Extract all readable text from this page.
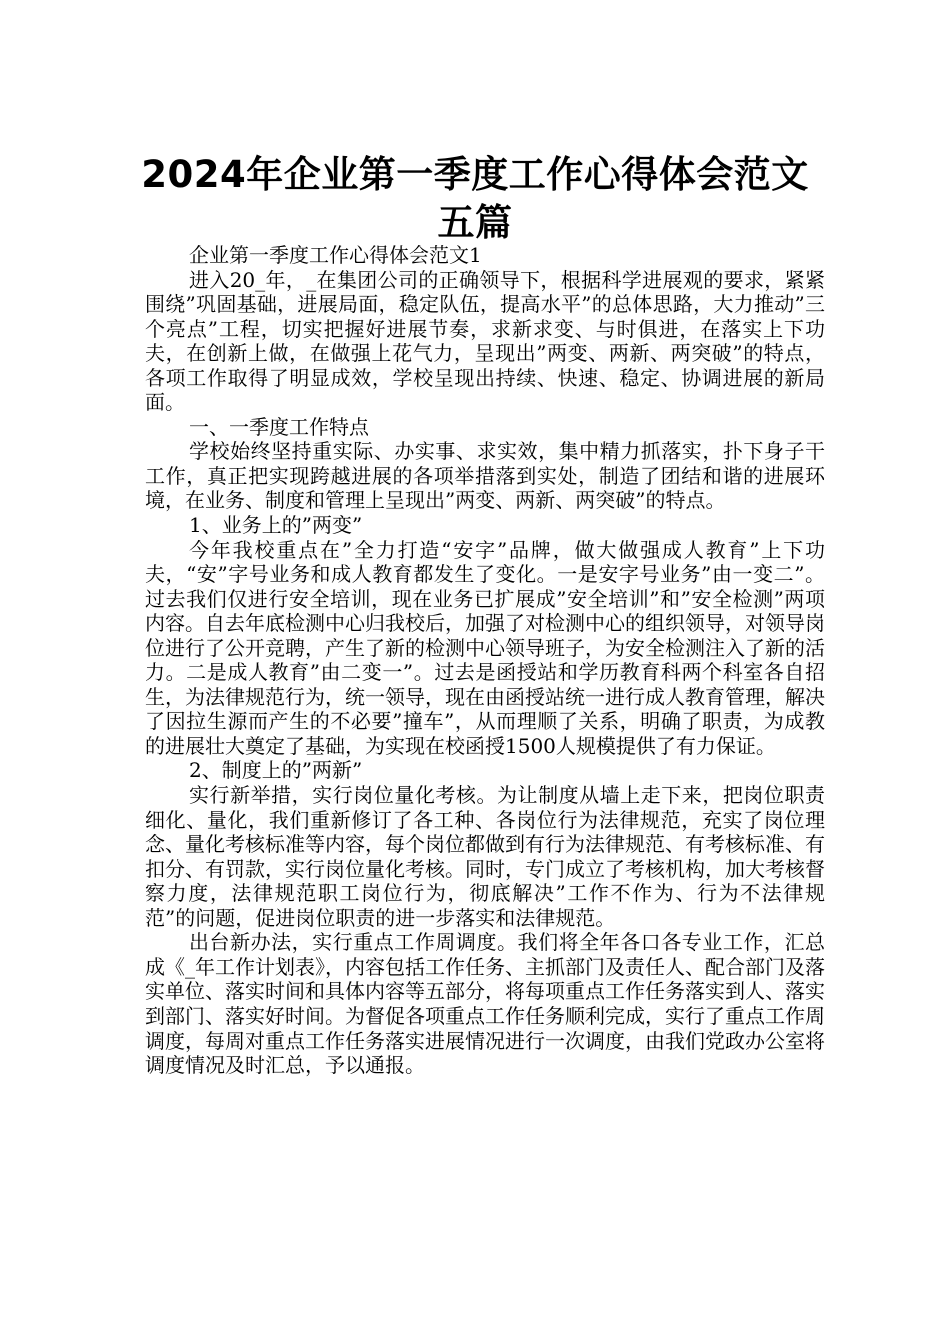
2024年企业第一季度工作心得体会范文
五篇

企业第一季度工作心得体会范文1

进入20_年，_在集团公司的正确领导下，根据科学进展观的要求，紧紧围绕”巩固基础，进展局面，稳定队伍，提高水平”的总体思路，大力推动”三个亮点”工程，切实把握好进展节奏，求新求变、与时俱进，在落实上下功夫，在创新上做，在做强上花气力，呈现出”两变、两新、两突破”的特点，各项工作取得了明显成效，学校呈现出持续、快速、稳定、协调进展的新局面。

一、一季度工作特点

学校始终坚持重实际、办实事、求实效，集中精力抓落实，扑下身子干工作，真正把实现跨越进展的各项举措落到实处，制造了团结和谐的进展环境，在业务、制度和管理上呈现出”两变、两新、两突破”的特点。

1、业务上的”两变”

今年我校重点在”全力打造“安字”品牌，做大做强成人教育”上下功夫，“安”字号业务和成人教育都发生了变化。一是安字号业务”由一变二”。过去我们仅进行安全培训，现在业务已扩展成”安全培训”和”安全检测”两项内容。自去年底检测中心归我校后，加强了对检测中心的组织领导，对领导岗位进行了公开竞聘，产生了新的检测中心领导班子，为安全检测注入了新的活力。二是成人教育”由二变一”。过去是函授站和学历教育科两个科室各自招生，为法律规范行为，统一领导，现在由函授站统一进行成人教育管理，解决了因拉生源而产生的不必要”撞车”，从而理顺了关系，明确了职责，为成教的进展壮大奠定了基础，为实现在校函授1500人规模提供了有力保证。

2、制度上的”两新”

实行新举措，实行岗位量化考核。为让制度从墙上走下来，把岗位职责细化、量化，我们重新修订了各工种、各岗位行为法律规范，充实了岗位理念、量化考核标准等内容，每个岗位都做到有行为法律规范、有考核标准、有扣分、有罚款，实行岗位量化考核。同时，专门成立了考核机构，加大考核督察力度，法律规范职工岗位行为，彻底解决”工作不作为、行为不法律规范”的问题，促进岗位职责的进一步落实和法律规范。

出台新办法，实行重点工作周调度。我们将全年各口各专业工作，汇总成《_年工作计划表》，内容包括工作任务、主抓部门及责任人、配合部门及落实单位、落实时间和具体内容等五部分，将每项重点工作任务落实到人、落实到部门、落实好时间。为督促各项重点工作任务顺利完成，实行了重点工作周调度，每周对重点工作任务落实进展情况进行一次调度，由我们党政办公室将调度情况及时汇总，予以通报。
